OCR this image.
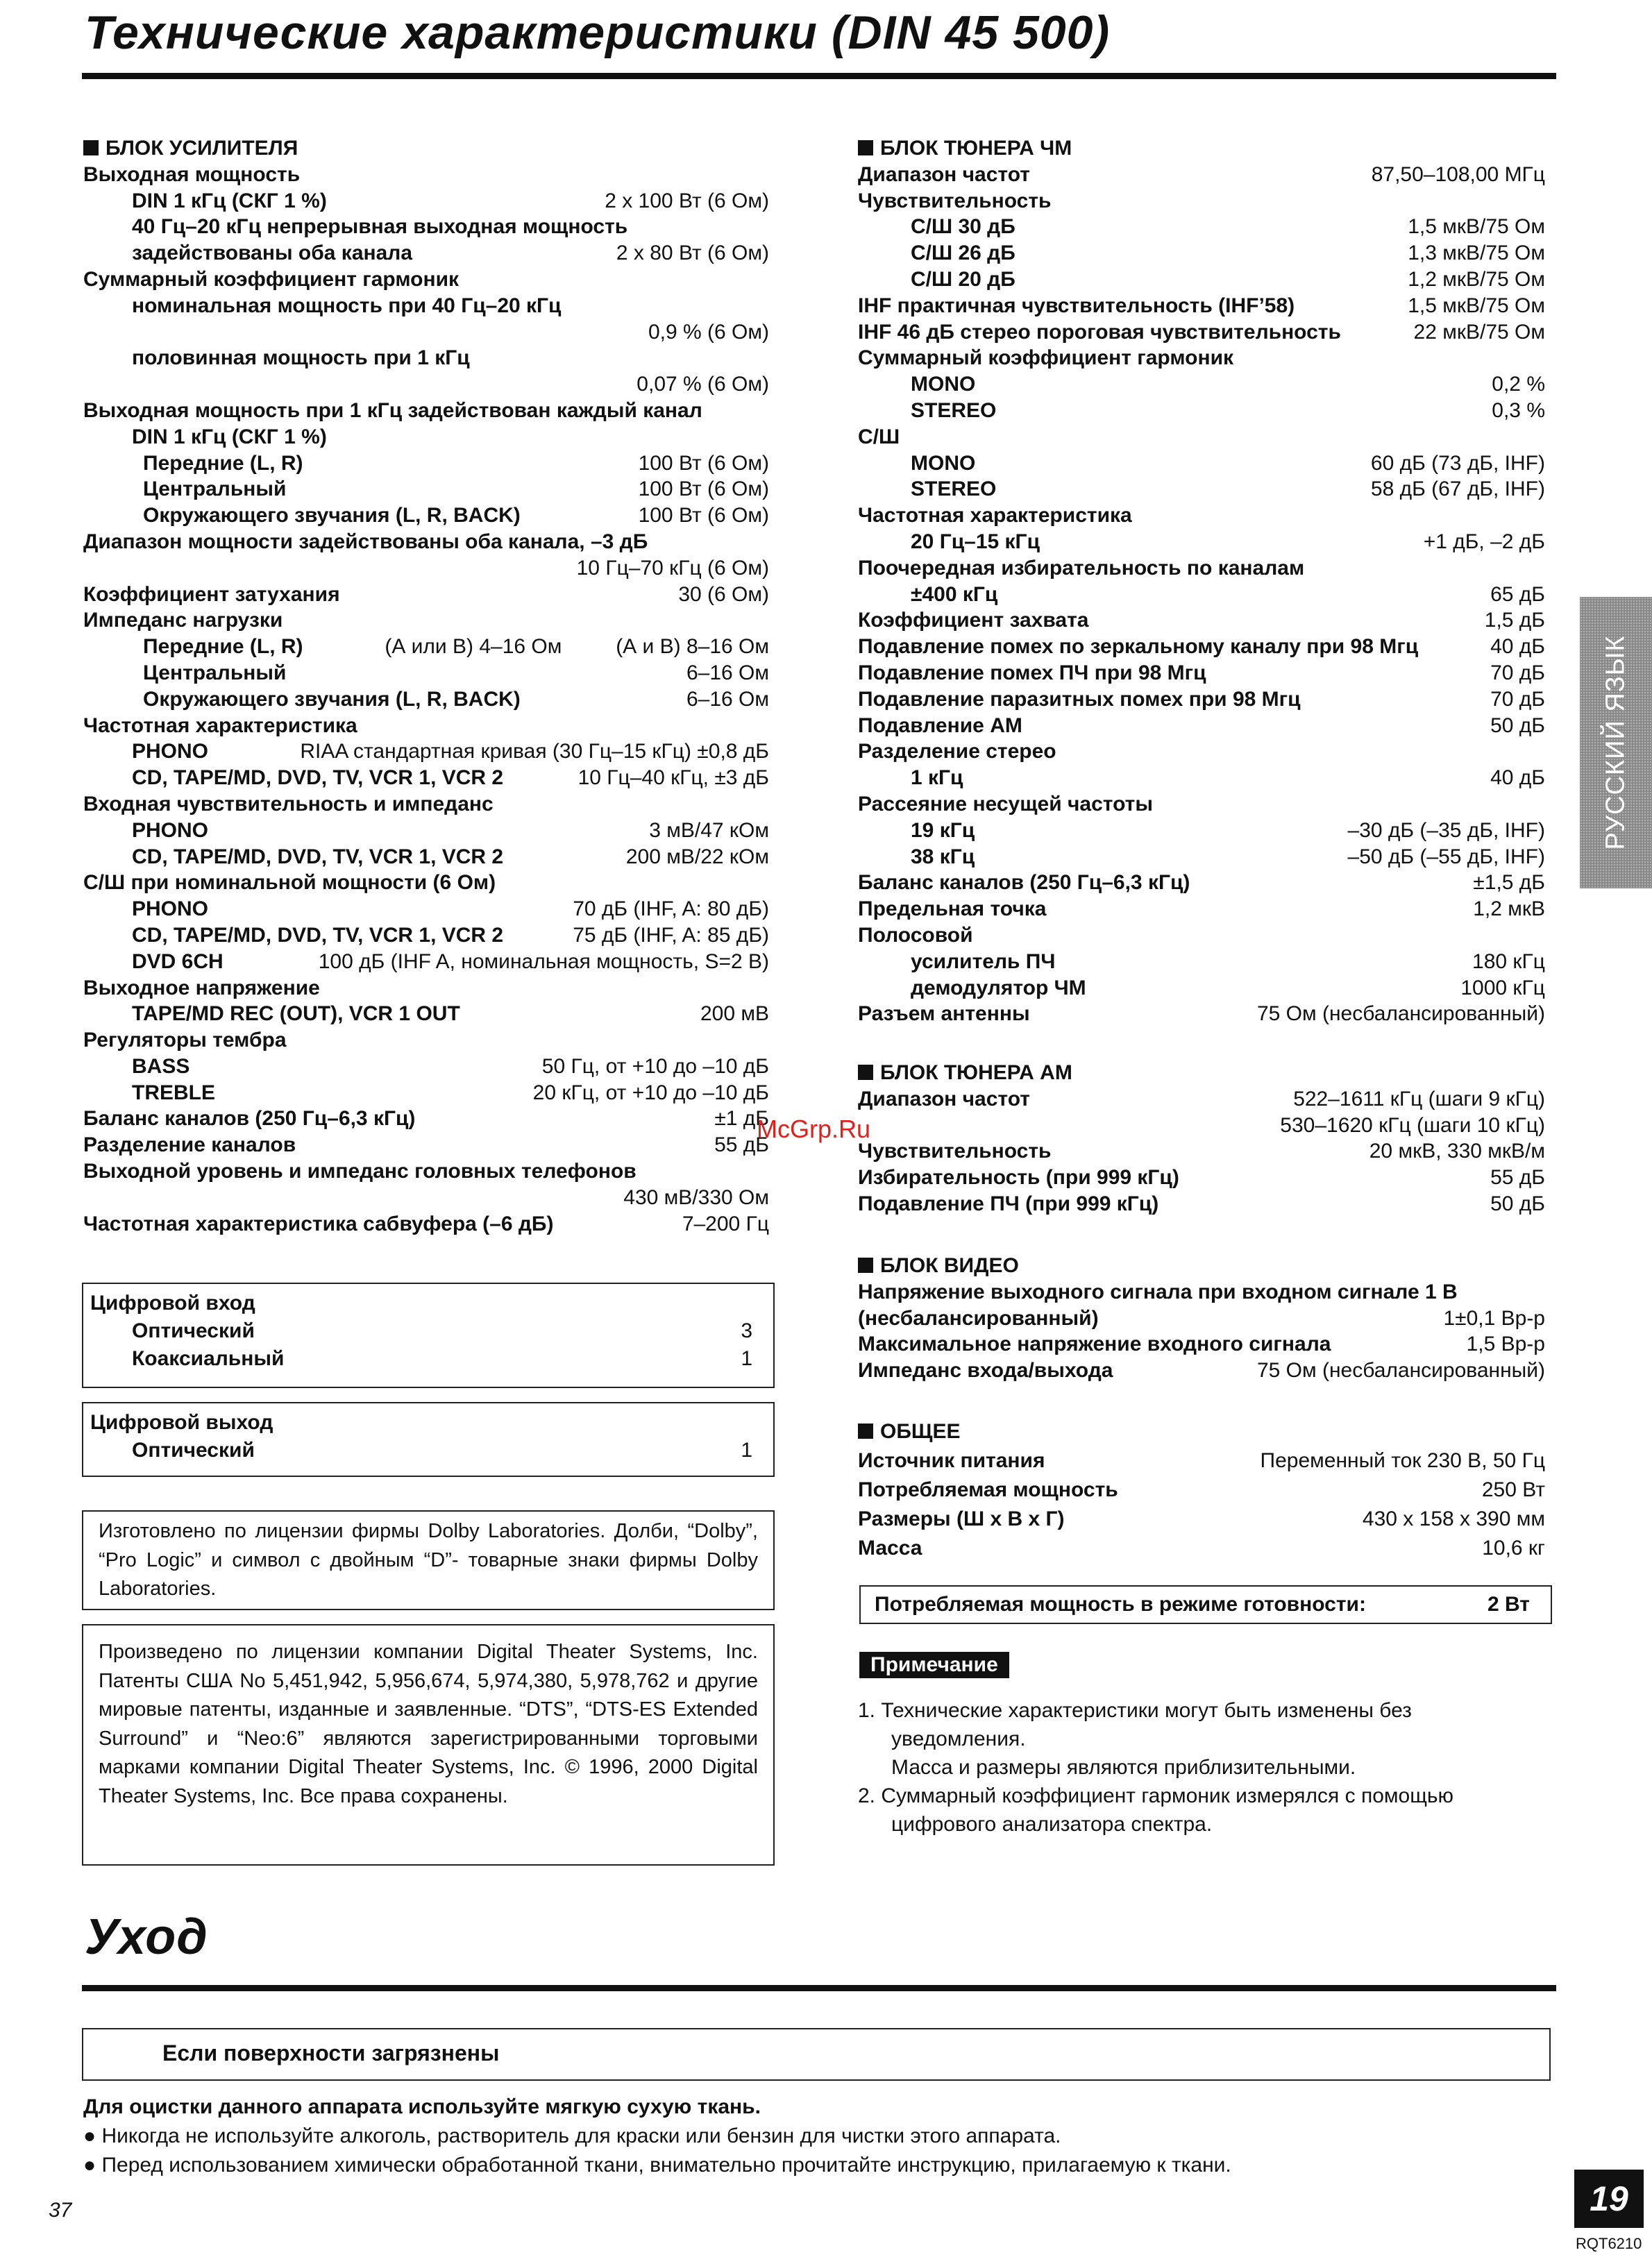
Технические характеристики (DIN 45 500)
БЛОК УСИЛИТЕЛЯ
Выходная мощность
DIN 1 кГц (СКГ 1 %)	2 x 100 Вт (6 Ом)
40 Гц–20 кГц непрерывная выходная мощность
задействованы оба канала	2 x 80 Вт (6 Ом)
Суммарный коэффициент гармоник
номинальная мощность при 40 Гц–20 кГц
0,9 % (6 Ом)
половинная мощность при 1 кГц
0,07 % (6 Ом)
Выходная мощность при 1 кГц задействован каждый канал
DIN 1 кГц (СКГ 1 %)
Передние (L, R)	100 Вт (6 Ом)
Центральный	100 Вт (6 Ом)
Окружающего звучания (L, R, BACK)	100 Вт (6 Ом)
Диапазон мощности задействованы оба канала, –3 дБ
10 Гц–70 кГц (6 Ом)
Коэффициент затухания	30 (6 Ом)
Импеданс нагрузки
Передние (L, R)	(А или В) 4–16 Ом	(А и В) 8–16 Ом
Центральный	6–16 Ом
Окружающего звучания (L, R, BACK)	6–16 Ом
Частотная характеристика
PHONO	RIAA стандартная кривая (30 Гц–15 кГц) ±0,8 дБ
CD, TAPE/MD, DVD, TV, VCR 1, VCR 2	10 Гц–40 кГц, ±3 дБ
Входная чувствительность и импеданс
PHONO	3 мВ/47 кОм
CD, TAPE/MD, DVD, TV, VCR 1, VCR 2	200 мВ/22 кОм
С/Ш при номинальной мощности (6 Ом)
PHONO	70 дБ (IHF, A: 80 дБ)
CD, TAPE/MD, DVD, TV, VCR 1, VCR 2	75 дБ (IHF, A: 85 дБ)
DVD 6CH	100 дБ (IHF A, номинальная мощность, S=2 В)
Выходное напряжение
TAPE/MD REC (OUT), VCR 1 OUT	200 мВ
Регуляторы тембра
BASS	50 Гц, от +10 до –10 дБ
TREBLE	20 кГц, от +10 до –10 дБ
Баланс каналов (250 Гц–6,3 кГц)	±1 дБ
Разделение каналов	55 дБ
Выходной уровень и импеданс головных телефонов
430 мВ/330 Ом
Частотная характеристика сабвуфера (–6 дБ)	7–200 Гц
McGrp.Ru
Цифровой вход
Оптический	3
Коаксиальный	1
Цифровой выход
Оптический	1
Изготовлено по лицензии фирмы Dolby Laboratories. Долби, “Dolby”, “Pro Logic” и символ с двойным “D”- товарные знаки фирмы Dolby Laboratories.
Произведено по лицензии компании Digital Theater Systems, Inc. Патенты США No 5,451,942, 5,956,674, 5,974,380, 5,978,762 и другие мировые патенты, изданные и заявленные. “DTS”, “DTS-ES Extended Surround” и “Neo:6” являются зарегистрированными торговыми марками компании Digital Theater Systems, Inc. © 1996, 2000 Digital Theater Systems, Inc. Все права сохранены.
БЛОК ТЮНЕРА ЧМ
Диапазон частот	87,50–108,00 МГц
Чувствительность
С/Ш 30 дБ	1,5 мкВ/75 Ом
С/Ш 26 дБ	1,3 мкВ/75 Ом
С/Ш 20 дБ	1,2 мкВ/75 Ом
IHF практичная чувствительность (IHF’58)	1,5 мкВ/75 Ом
IHF 46 дБ стерео пороговая чувствительность	22 мкВ/75 Ом
Суммарный коэффициент гармоник
MONO	0,2 %
STEREO	0,3 %
С/Ш
MONO	60 дБ (73 дБ, IHF)
STEREO	58 дБ (67 дБ, IHF)
Частотная характеристика
20 Гц–15 кГц	+1 дБ, –2 дБ
Поочередная избирательность по каналам
±400 кГц	65 дБ
Коэффициент захвата	1,5 дБ
Подавление помех по зеркальному каналу при 98 Мгц	40 дБ
Подавление помех ПЧ при 98 Мгц	70 дБ
Подавление паразитных помех при 98 Мгц	70 дБ
Подавление AM	50 дБ
Разделение стерео
1 кГц	40 дБ
Рассеяние несущей частоты
19 кГц	–30 дБ (–35 дБ, IHF)
38 кГц	–50 дБ (–55 дБ, IHF)
Баланс каналов (250 Гц–6,3 кГц)	±1,5 дБ
Предельная точка	1,2 мкВ
Полосовой
усилитель ПЧ	180 кГц
демодулятор ЧМ	1000 кГц
Разъем антенны	75 Ом (несбалансированный)
БЛОК ТЮНЕРА AM
Диапазон частот	522–1611 кГц (шаги 9 кГц)
530–1620 кГц (шаги 10 кГц)
Чувствительность	20 мкВ, 330 мкВ/м
Избирательность (при 999 кГц)	55 дБ
Подавление ПЧ (при 999 кГц)	50 дБ
БЛОК ВИДЕО
Напряжение выходного сигнала при входном сигнале 1 В
(несбалансированный)	1±0,1 Вр-р
Максимальное напряжение входного сигнала	1,5 Вр-р
Импеданс входа/выхода	75 Ом (несбалансированный)
ОБЩЕЕ
Источник питания	Переменный ток 230 В, 50 Гц
Потребляемая мощность	250 Вт
Размеры (Ш x В x Г)	430 x 158 x 390 мм
Масса	10,6 кг
Потребляемая мощность в режиме готовности:	2 Вт
Примечание
1. Технические характеристики могут быть изменены без
уведомления.
Масса и размеры являются приблизительными.
2. Суммарный коэффициент гармоник измерялся с помощью
цифрового анализатора спектра.
РУССКИЙ ЯЗЫК
Уход
Если поверхности загрязнены
Для оцистки данного аппарата используйте мягкую сухую ткань.
● Никогда не используйте алкоголь, растворитель для краски или бензин для чистки этого аппарата.
● Перед использованием химически обработанной ткани, внимательно прочитайте инструкцию, прилагаемую к ткани.
37	19
RQT6210
